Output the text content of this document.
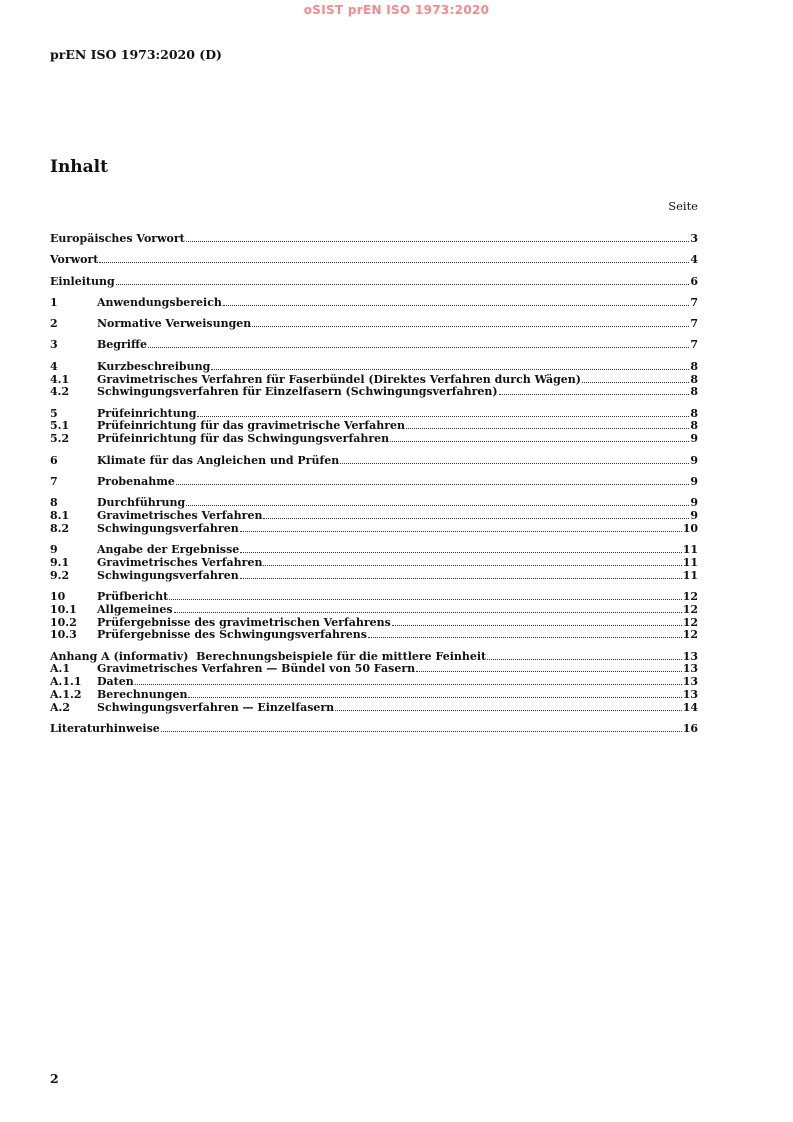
oSIST prEN ISO 1973:2020
prEN ISO 1973:2020 (D)
Inhalt
Seite
Europäisches Vorwort	3
Vorwort	4
Einleitung	6
1	Anwendungsbereich	7
2	Normative Verweisungen	7
3	Begriffe	7
4	Kurzbeschreibung	8
4.1	Gravimetrisches Verfahren für Faserbündel (Direktes Verfahren durch Wägen)	8
4.2	Schwingungsverfahren für Einzelfasern (Schwingungsverfahren)	8
5	Prüfeinrichtung	8
5.1	Prüfeinrichtung für das gravimetrische Verfahren	8
5.2	Prüfeinrichtung für das Schwingungsverfahren	9
6	Klimate für das Angleichen und Prüfen	9
7	Probenahme	9
8	Durchführung	9
8.1	Gravimetrisches Verfahren	9
8.2	Schwingungsverfahren	10
9	Angabe der Ergebnisse	11
9.1	Gravimetrisches Verfahren	11
9.2	Schwingungsverfahren	11
10	Prüfbericht	12
10.1	Allgemeines	12
10.2	Prüfergebnisse des gravimetrischen Verfahrens	12
10.3	Prüfergebnisse des Schwingungsverfahrens	12
Anhang A (informativ)  Berechnungsbeispiele für die mittlere Feinheit	13
A.1	Gravimetrisches Verfahren — Bündel von 50 Fasern	13
A.1.1	Daten	13
A.1.2	Berechnungen	13
A.2	Schwingungsverfahren — Einzelfasern	14
Literaturhinweise	16
2
